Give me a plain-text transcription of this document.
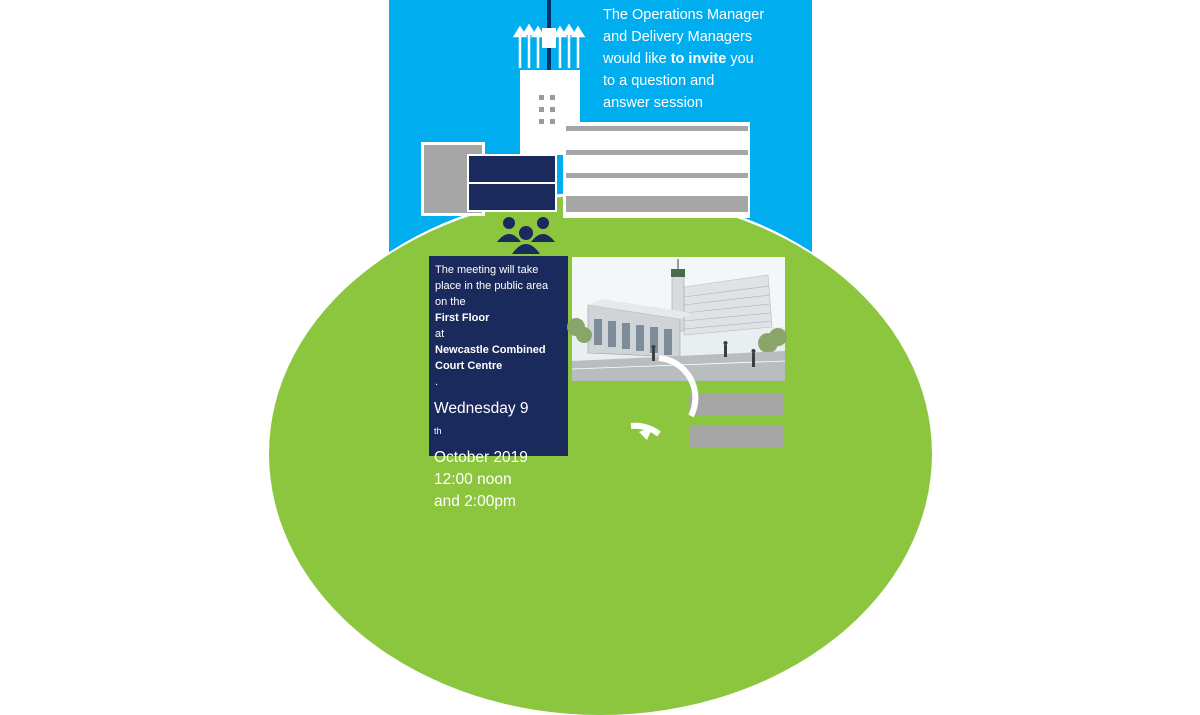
The Operations Manager
and Delivery Managers
would like to invite you
to a question and
answer session
The meeting will take
place in the public area
on the
First Floor
at
Newcastle Combined
Court Centre
.
Wednesday 9
$^{th}$
October 2019
12:00 noon
and 2:00pm
